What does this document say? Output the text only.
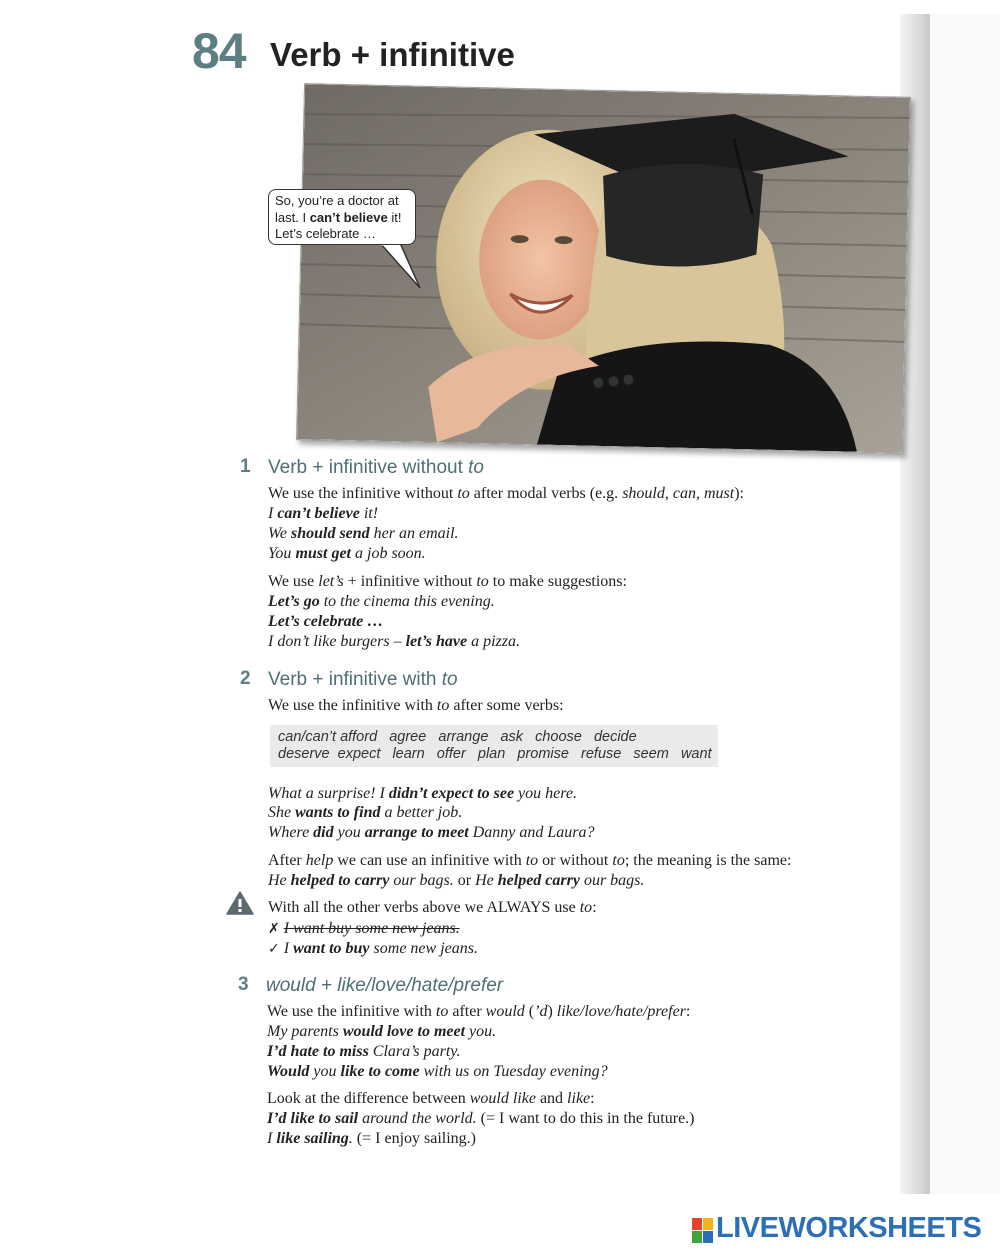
84 Verb + infinitive
So, you’re a doctor at
last. I can’t believe it!
Let’s celebrate …
1 Verb + infinitive without to
We use the infinitive without to after modal verbs (e.g. should, can, must):
I can’t believe it!
We should send her an email.
You must get a job soon.
We use let’s + infinitive without to to make suggestions:
Let’s go to the cinema this evening.
Let’s celebrate …
I don’t like burgers – let’s have a pizza.
2 Verb + infinitive with to
We use the infinitive with to after some verbs:
can/can’t afford   agree   arrange   ask   choose   decide
deserve  expect   learn   offer   plan   promise   refuse   seem   want
What a surprise! I didn’t expect to see you here.
She wants to find a better job.
Where did you arrange to meet Danny and Laura?
After help we can use an infinitive with to or without to; the meaning is the same:
He helped to carry our bags. or He helped carry our bags.
With all the other verbs above we ALWAYS use to:
✗ I want buy some new jeans.
✓ I want to buy some new jeans.
3 would + like/love/hate/prefer
We use the infinitive with to after would (’d) like/love/hate/prefer:
My parents would love to meet you.
I’d hate to miss Clara’s party.
Would you like to come with us on Tuesday evening?
Look at the difference between would like and like:
I’d like to sail around the world. (= I want to do this in the future.)
I like sailing. (= I enjoy sailing.)
LIVEWORKSHEETS
